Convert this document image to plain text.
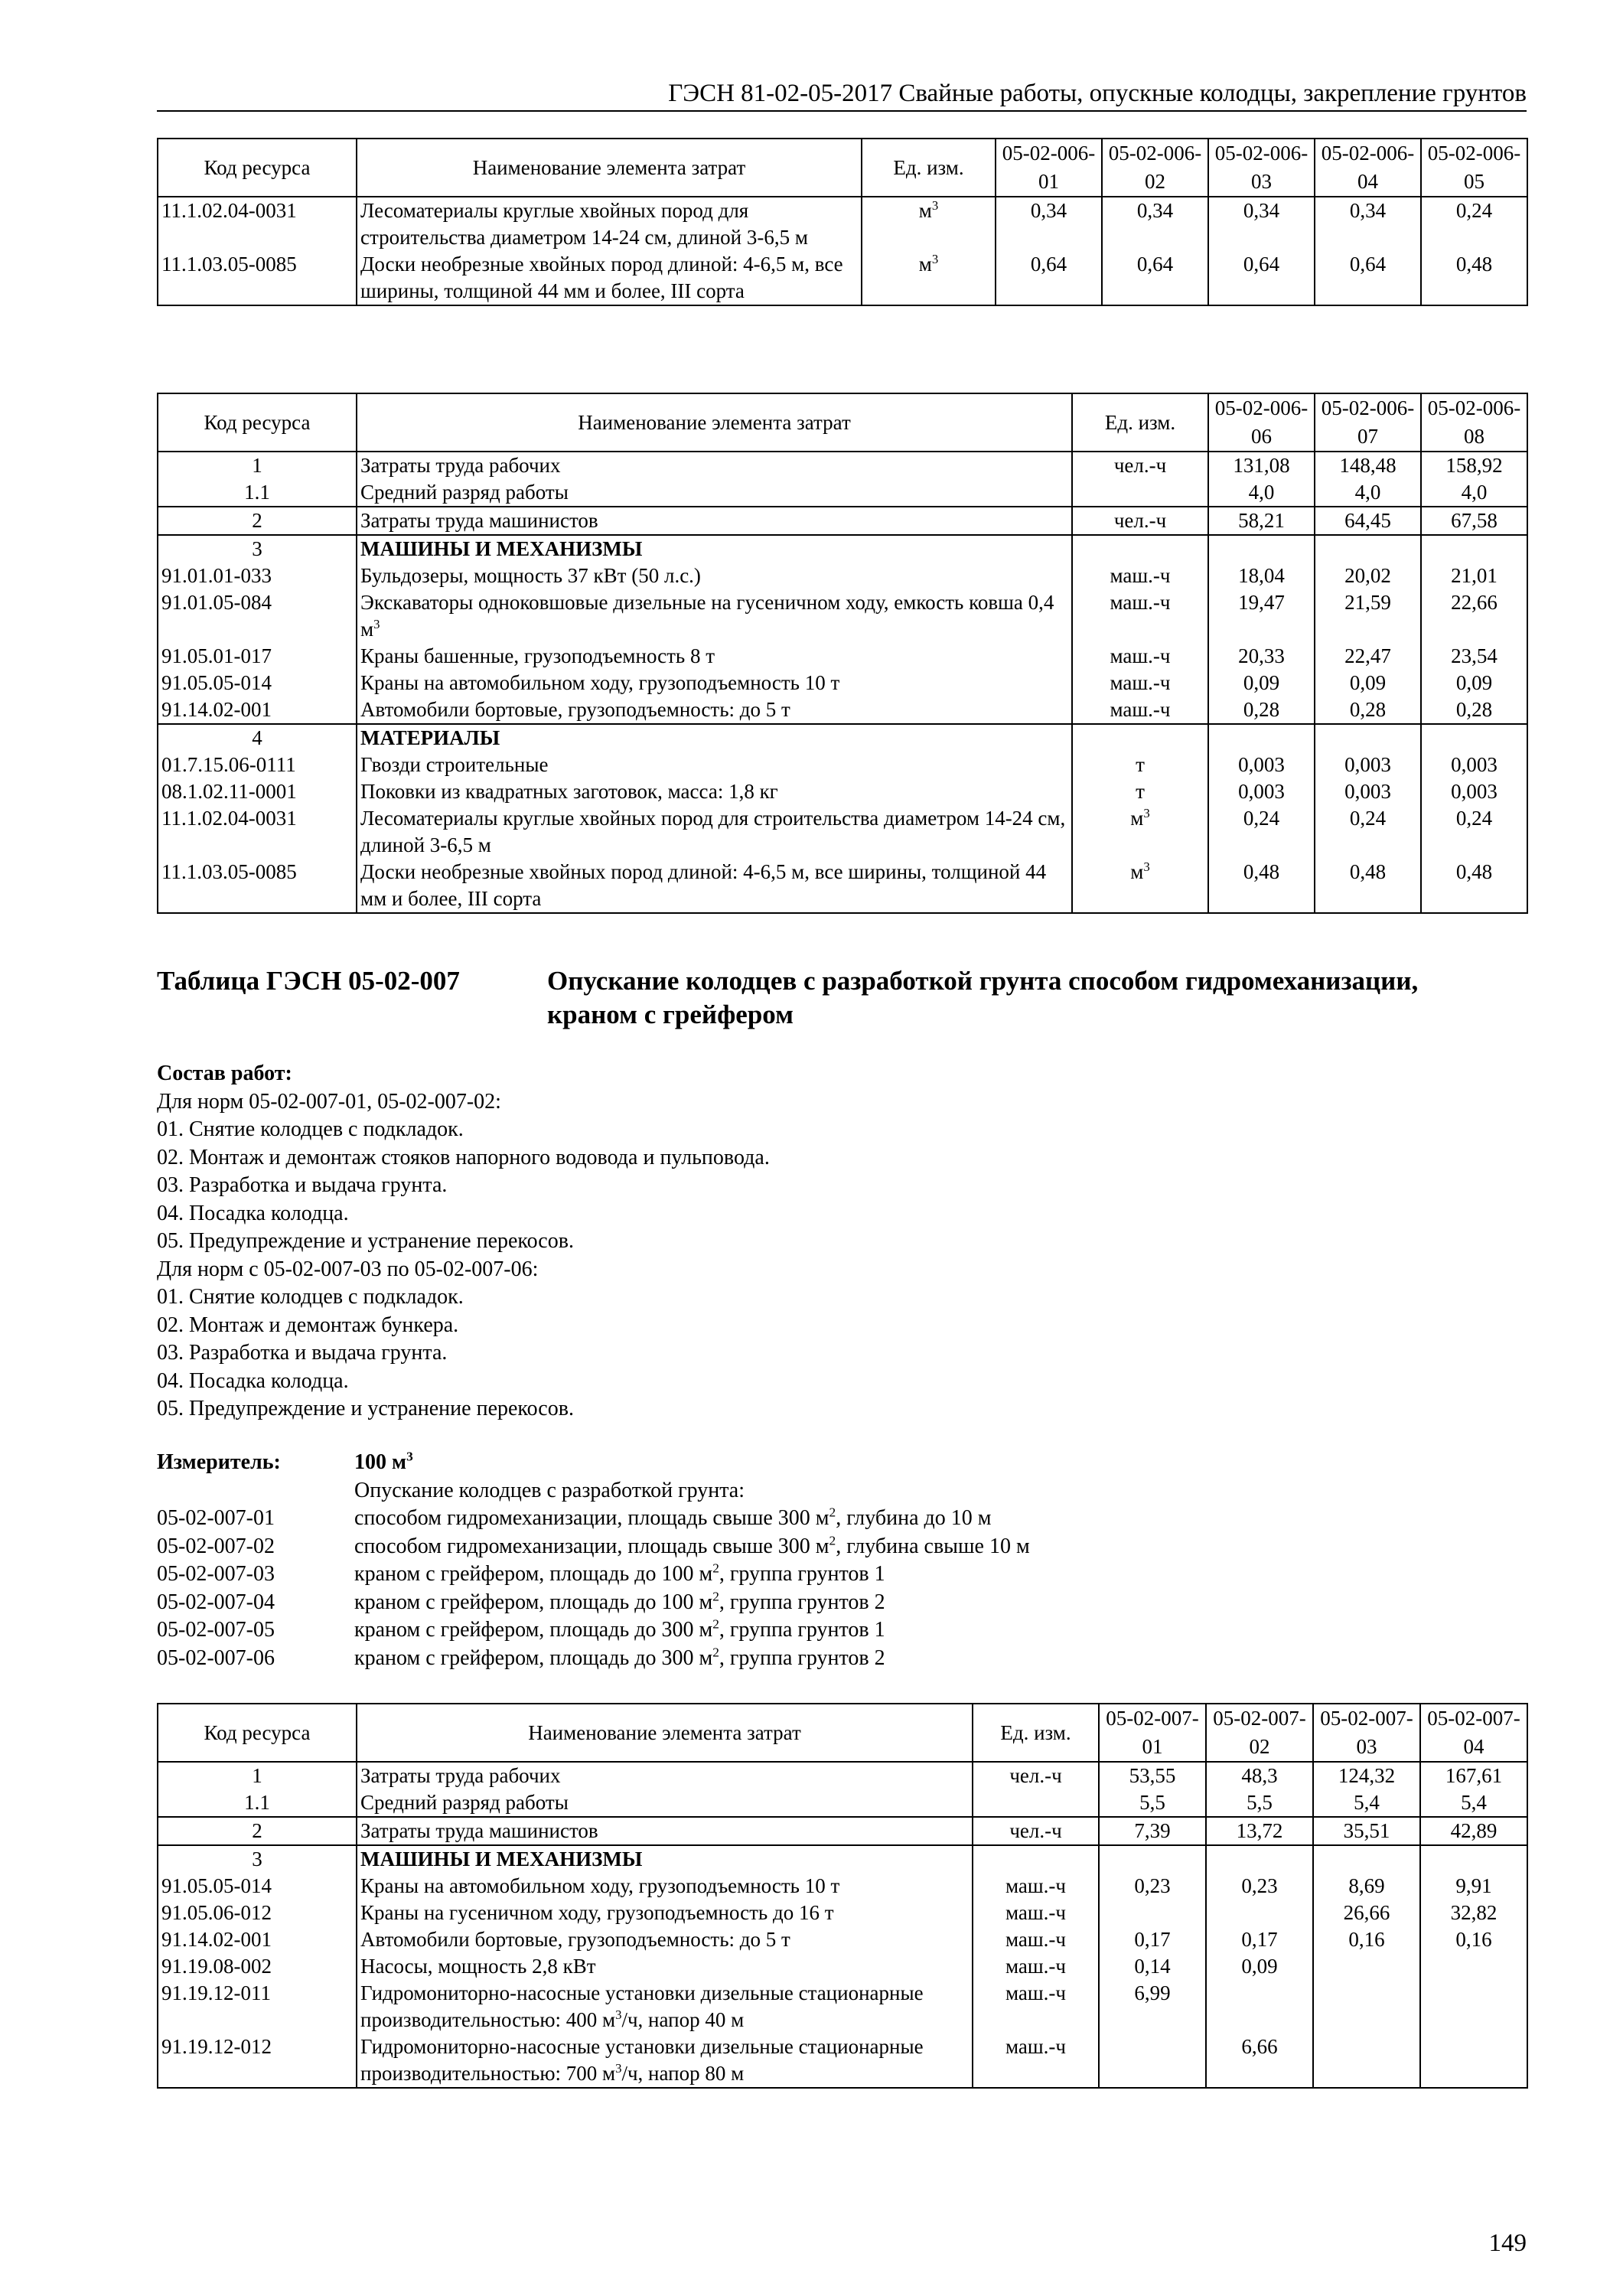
ГЭСН 81-02-05-2017 Свайные работы, опускные колодцы, закрепление грунтов
Код ресурса	Наименование элемента затрат	Ед. изм.	05-02-006-01	05-02-006-02	05-02-006-03	05-02-006-04	05-02-006-05
11.1.02.04-0031	Лесоматериалы круглые хвойных пород для строительства диаметром 14-24 см, длиной 3-6,5 м	$м^3$	0,34	0,34	0,34	0,34	0,24
11.1.03.05-0085	Доски необрезные хвойных пород длиной: 4-6,5 м, все ширины, толщиной 44 мм и более, III сорта	$м^3$	0,64	0,64	0,64	0,64	0,48
Код ресурса	Наименование элемента затрат	Ед. изм.	05-02-006-06	05-02-006-07	05-02-006-08
1	Затраты труда рабочих	чел.-ч	131,08	148,48	158,92
1.1	Средний разряд работы		4,0	4,0	4,0
2	Затраты труда машинистов	чел.-ч	58,21	64,45	67,58
3	МАШИНЫ И МЕХАНИЗМЫ				
91.01.01-033	Бульдозеры, мощность 37 кВт (50 л.с.)	маш.-ч	18,04	20,02	21,01
91.01.05-084	Экскаваторы одноковшовые дизельные на гусеничном ходу, емкость ковша 0,4 $м^3$	маш.-ч	19,47	21,59	22,66
91.05.01-017	Краны башенные, грузоподъемность 8 т	маш.-ч	20,33	22,47	23,54
91.05.05-014	Краны на автомобильном ходу, грузоподъемность 10 т	маш.-ч	0,09	0,09	0,09
91.14.02-001	Автомобили бортовые, грузоподъемность: до 5 т	маш.-ч	0,28	0,28	0,28
4	МАТЕРИАЛЫ				
01.7.15.06-0111	Гвозди строительные	т	0,003	0,003	0,003
08.1.02.11-0001	Поковки из квадратных заготовок, масса: 1,8 кг	т	0,003	0,003	0,003
11.1.02.04-0031	Лесоматериалы круглые хвойных пород для строительства диаметром 14-24 см, длиной 3-6,5 м	$м^3$	0,24	0,24	0,24
11.1.03.05-0085	Доски необрезные хвойных пород длиной: 4-6,5 м, все ширины, толщиной 44 мм и более, III сорта	$м^3$	0,48	0,48	0,48
Таблица ГЭСН 05-02-007	Опускание колодцев с разработкой грунта способом гидромеханизации, краном с грейфером
Состав работ:
Для норм 05-02-007-01, 05-02-007-02:
01. Снятие колодцев с подкладок.
02. Монтаж и демонтаж стояков напорного водовода и пульповода.
03. Разработка и выдача грунта.
04. Посадка колодца.
05. Предупреждение и устранение перекосов.
Для норм с 05-02-007-03 по 05-02-007-06:
01. Снятие колодцев с подкладок.
02. Монтаж и демонтаж бункера.
03. Разработка и выдача грунта.
04. Посадка колодца.
05. Предупреждение и устранение перекосов.
Измеритель:	100 $м^3$
Опускание колодцев с разработкой грунта:
05-02-007-01	способом гидромеханизации, площадь свыше 300 $м^2$, глубина до 10 м
05-02-007-02	способом гидромеханизации, площадь свыше 300 $м^2$, глубина свыше 10 м
05-02-007-03	краном с грейфером, площадь до 100 $м^2$, группа грунтов 1
05-02-007-04	краном с грейфером, площадь до 100 $м^2$, группа грунтов 2
05-02-007-05	краном с грейфером, площадь до 300 $м^2$, группа грунтов 1
05-02-007-06	краном с грейфером, площадь до 300 $м^2$, группа грунтов 2
Код ресурса	Наименование элемента затрат	Ед. изм.	05-02-007-01	05-02-007-02	05-02-007-03	05-02-007-04
1	Затраты труда рабочих	чел.-ч	53,55	48,3	124,32	167,61
1.1	Средний разряд работы		5,5	5,5	5,4	5,4
2	Затраты труда машинистов	чел.-ч	7,39	13,72	35,51	42,89
3	МАШИНЫ И МЕХАНИЗМЫ					
91.05.05-014	Краны на автомобильном ходу, грузоподъемность 10 т	маш.-ч	0,23	0,23	8,69	9,91
91.05.06-012	Краны на гусеничном ходу, грузоподъемность до 16 т	маш.-ч			26,66	32,82
91.14.02-001	Автомобили бортовые, грузоподъемность: до 5 т	маш.-ч	0,17	0,17	0,16	0,16
91.19.08-002	Насосы, мощность 2,8 кВт	маш.-ч	0,14	0,09		
91.19.12-011	Гидромониторно-насосные установки дизельные стационарные производительностью: 400 $м^3/ч$, напор 40 м	маш.-ч	6,99			
91.19.12-012	Гидромониторно-насосные установки дизельные стационарные производительностью: 700 $м^3/ч$, напор 80 м	маш.-ч		6,66		
149
